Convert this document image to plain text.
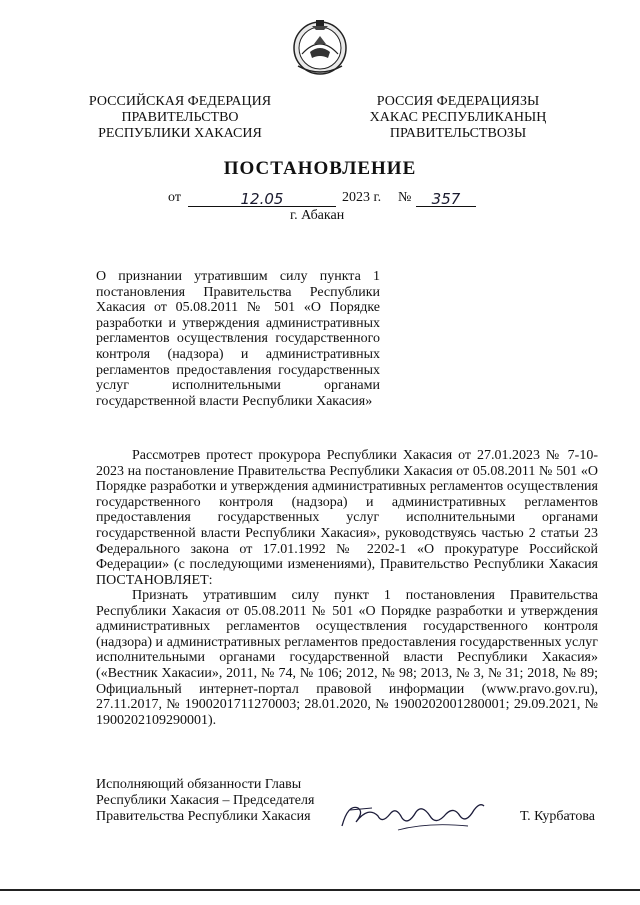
РОССИЙСКАЯ ФЕДЕРАЦИЯ
ПРАВИТЕЛЬСТВО
РЕСПУБЛИКИ ХАКАСИЯ
РОССИЯ ФЕДЕРАЦИЯЗЫ
ХАКАС РЕСПУБЛИКАНЫҢ
ПРАВИТЕЛЬСТВОЗЫ
ПОСТАНОВЛЕНИЕ
от	12.05	2023 г. №	357
г. Абакан
О признании утратившим силу пункта 1 постановления Правительства Республики Хакасия от 05.08.2011 № 501 «О Порядке разработки и утверждения административных регламентов осуществления государственного контроля (надзора) и административных регламентов предоставления государственных услуг исполнительными органами государственной власти Республики Хакасия»
Рассмотрев протест прокурора Республики Хакасия от 27.01.2023 № 7-10-2023 на постановление Правительства Республики Хакасия от 05.08.2011 № 501 «О Порядке разработки и утверждения административных регламентов осуществления государственного контроля (надзора) и административных регламентов предоставления государственных услуг исполнительными органами государственной власти Республики Хакасия», руководствуясь частью 2 статьи 23 Федерального закона от 17.01.1992 № 2202-1 «О прокуратуре Российской Федерации» (с последующими изменениями), Правительство Республики Хакасия ПОСТАНОВЛЯЕТ:
Признать утратившим силу пункт 1 постановления Правительства Республики Хакасия от 05.08.2011 № 501 «О Порядке разработки и утверждения административных регламентов осуществления государственного контроля (надзора) и административных регламентов предоставления государственных услуг исполнительными органами государственной власти Республики Хакасия» («Вестник Хакасии», 2011, № 74, № 106; 2012, № 98; 2013, № 3, № 31; 2018, № 89; Официальный интернет-портал правовой информации (www.pravo.gov.ru), 27.11.2017, № 1900201711270003; 28.01.2020, № 1900202001280001; 29.09.2021, № 1900202109290001).
Исполняющий обязанности Главы
Республики Хакасия – Председателя
Правительства Республики Хакасия	Т. Курбатова
